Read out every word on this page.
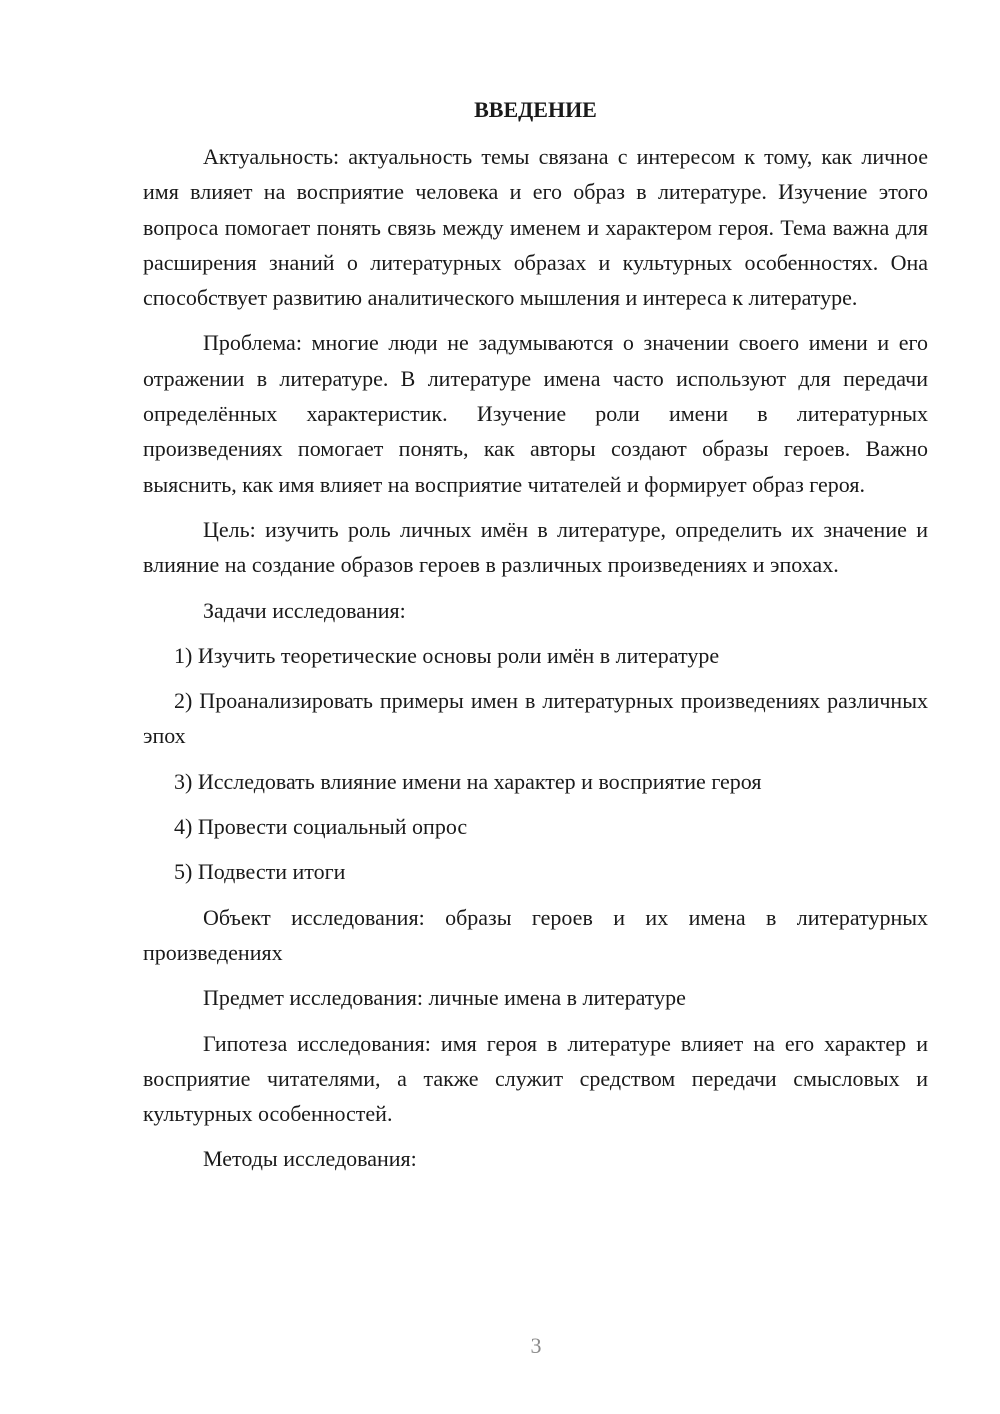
ВВЕДЕНИЕ

Актуальность: актуальность темы связана с интересом к тому, как личное имя влияет на восприятие человека и его образ в литературе. Изучение этого вопроса помогает понять связь между именем и характером героя. Тема важна для расширения знаний о литературных образах и культурных особенностях. Она способствует развитию аналитического мышления и интереса к литературе.

Проблема: многие люди не задумываются о значении своего имени и его отражении в литературе. В литературе имена часто используют для передачи определённых характеристик. Изучение роли имени в литературных произведениях помогает понять, как авторы создают образы героев. Важно выяснить, как имя влияет на восприятие читателей и формирует образ героя.

Цель: изучить роль личных имён в литературе, определить их значение и влияние на создание образов героев в различных произведениях и эпохах.

Задачи исследования:

1) Изучить теоретические основы роли имён в литературе

2) Проанализировать примеры имен в литературных произведениях различных эпох

3) Исследовать влияние имени на характер и восприятие героя

4) Провести социальный опрос

5) Подвести итоги

Объект исследования: образы героев и их имена в литературных произведениях

Предмет исследования: личные имена в литературе

Гипотеза исследования: имя героя в литературе влияет на его характер и восприятие читателями, а также служит средством передачи смысловых и культурных особенностей.

Методы исследования:

3
